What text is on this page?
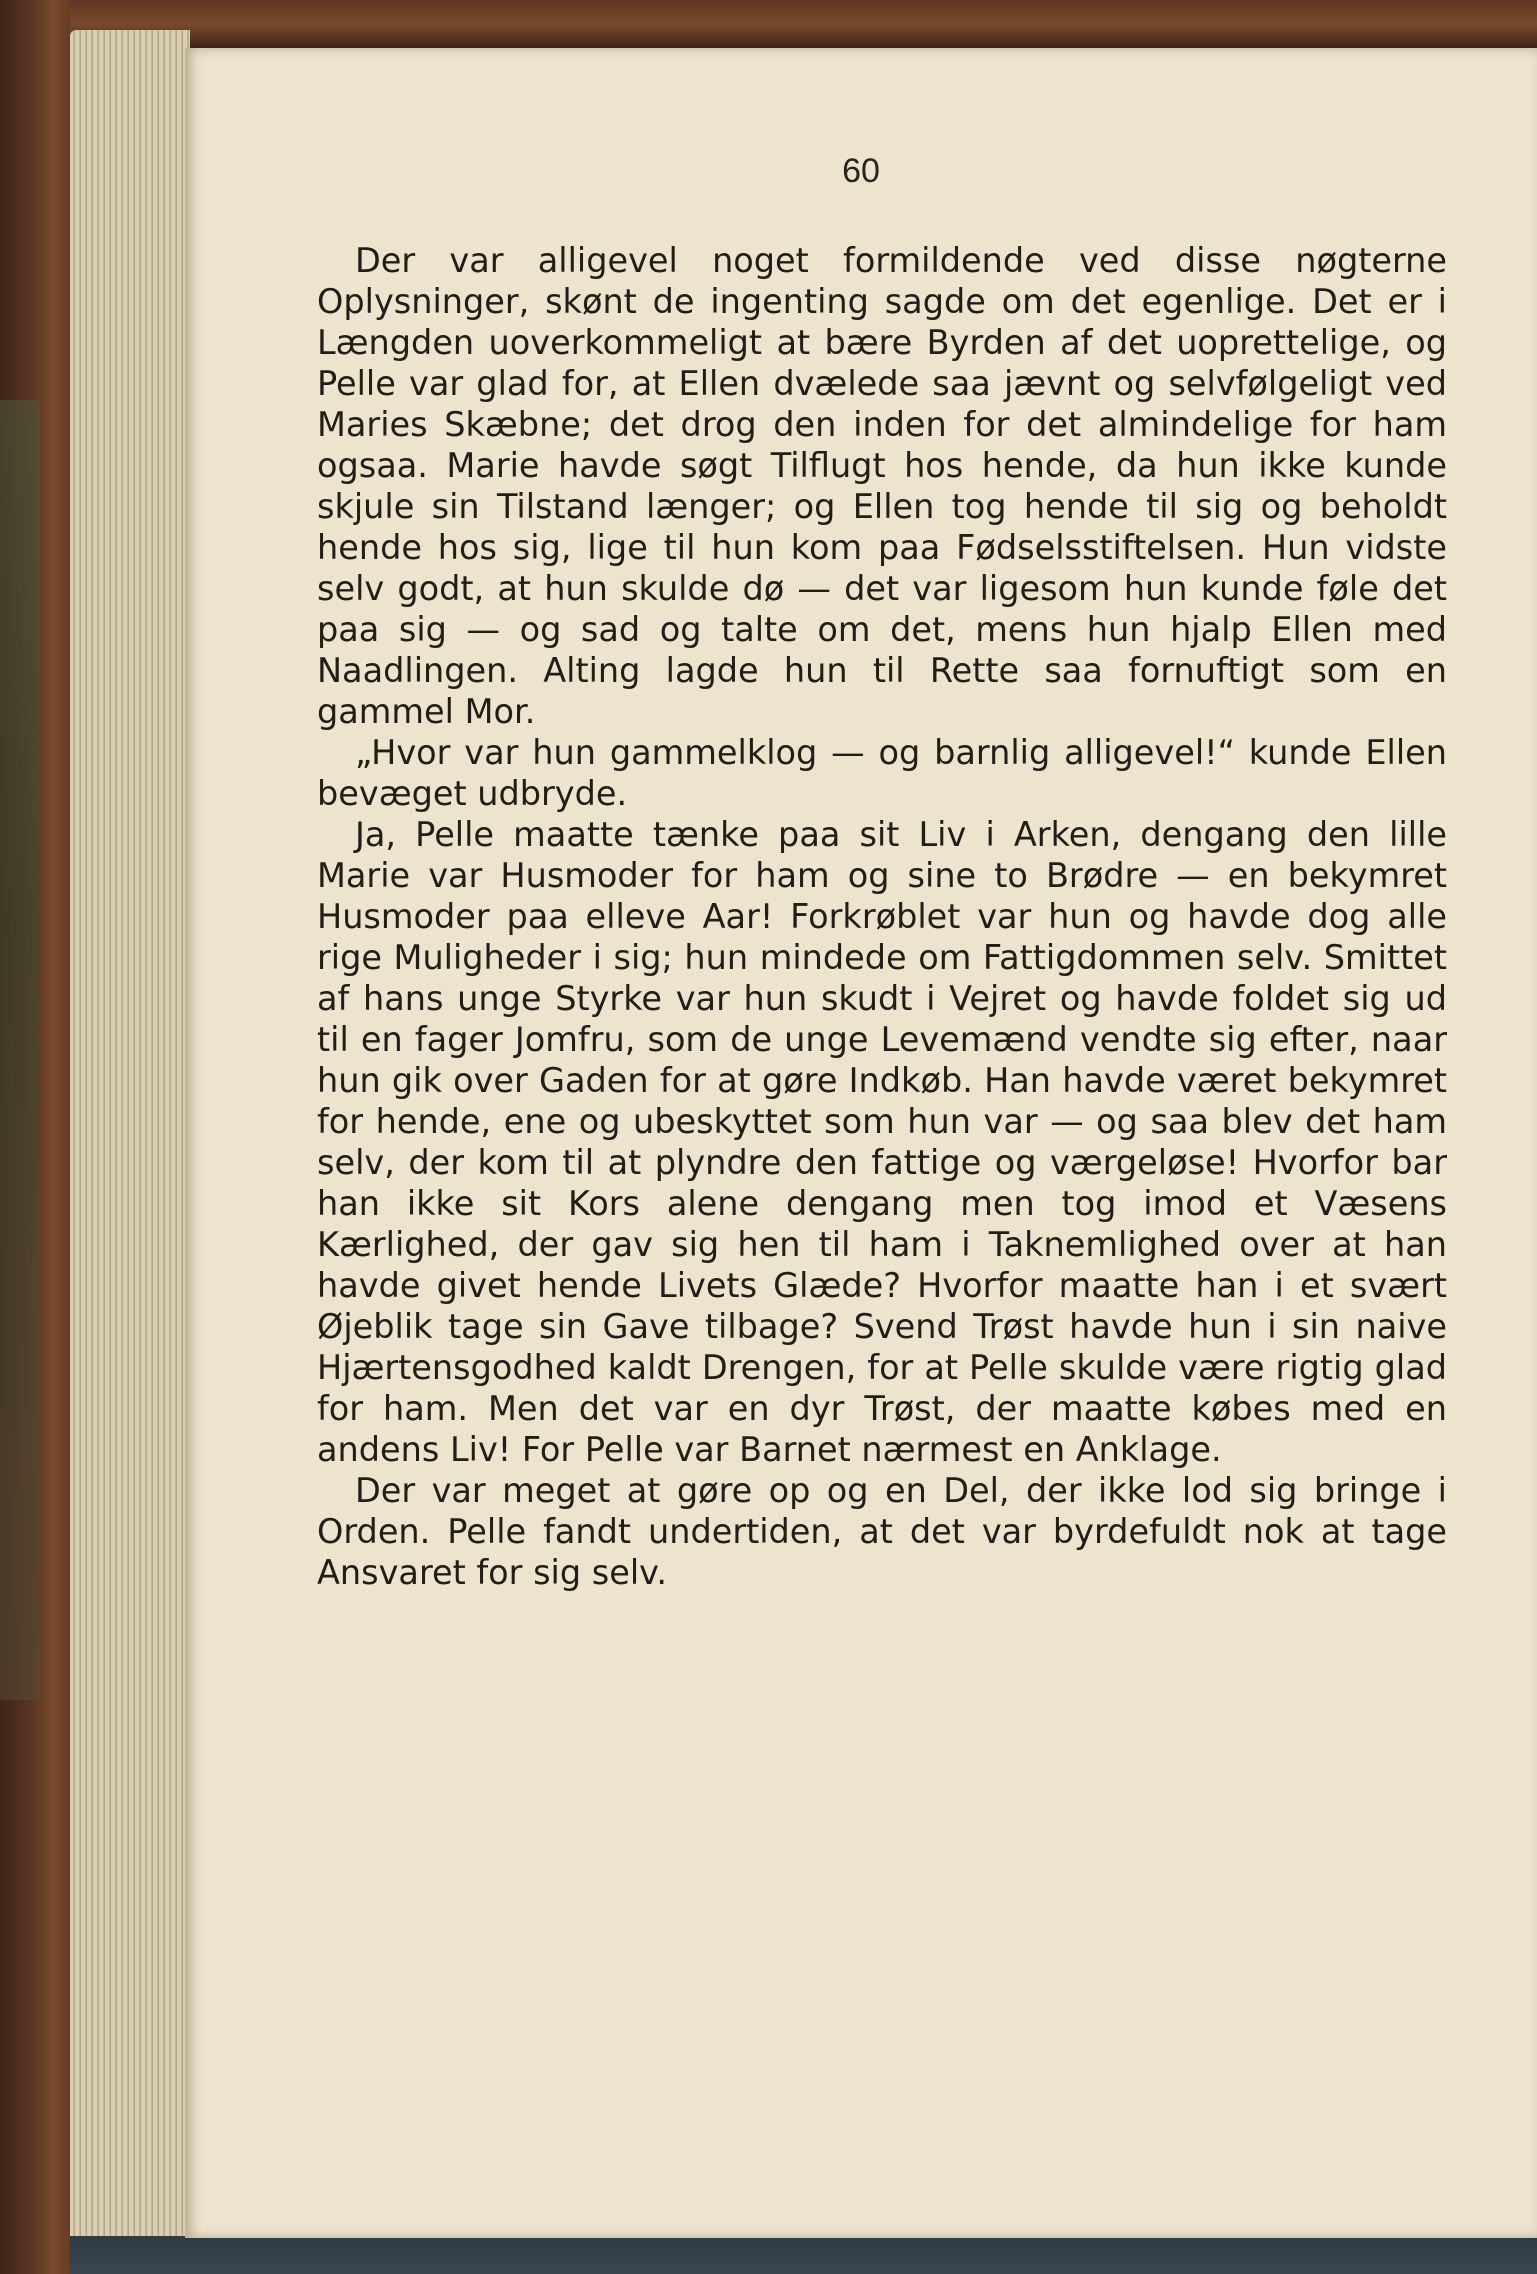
60

Der var alligevel noget formildende ved disse nøgterne Oplysninger, skønt de ingenting sagde om det egenlige. Det er i Længden uoverkommeligt at bære Byrden af det uoprettelige, og Pelle var glad for, at Ellen dvælede saa jævnt og selvfølgeligt ved Maries Skæbne; det drog den inden for det almindelige for ham ogsaa. Marie havde søgt Tilflugt hos hende, da hun ikke kunde skjule sin Tilstand længer; og Ellen tog hende til sig og beholdt hende hos sig, lige til hun kom paa Fødselsstiftelsen. Hun vidste selv godt, at hun skulde dø — det var ligesom hun kunde føle det paa sig — og sad og talte om det, mens hun hjalp Ellen med Naadlingen. Alting lagde hun til Rette saa fornuftigt som en gammel Mor.

„Hvor var hun gammelklog — og barnlig alligevel!“ kunde Ellen bevæget udbryde.

Ja, Pelle maatte tænke paa sit Liv i Arken, dengang den lille Marie var Husmoder for ham og sine to Brødre — en bekymret Husmoder paa elleve Aar! Forkrøblet var hun og havde dog alle rige Muligheder i sig; hun mindede om Fattigdommen selv. Smittet af hans unge Styrke var hun skudt i Vejret og havde foldet sig ud til en fager Jomfru, som de unge Levemænd vendte sig efter, naar hun gik over Gaden for at gøre Indkøb. Han havde været bekymret for hende, ene og ubeskyttet som hun var — og saa blev det ham selv, der kom til at plyndre den fattige og værgeløse! Hvorfor bar han ikke sit Kors alene dengang men tog imod et Væsens Kærlighed, der gav sig hen til ham i Taknemlighed over at han havde givet hende Livets Glæde? Hvorfor maatte han i et svært Øjeblik tage sin Gave tilbage? Svend Trøst havde hun i sin naive Hjærtensgodhed kaldt Drengen, for at Pelle skulde være rigtig glad for ham. Men det var en dyr Trøst, der maatte købes med en andens Liv! For Pelle var Barnet nærmest en Anklage.

Der var meget at gøre op og en Del, der ikke lod sig bringe i Orden. Pelle fandt undertiden, at det var byrdefuldt nok at tage Ansvaret for sig selv.
